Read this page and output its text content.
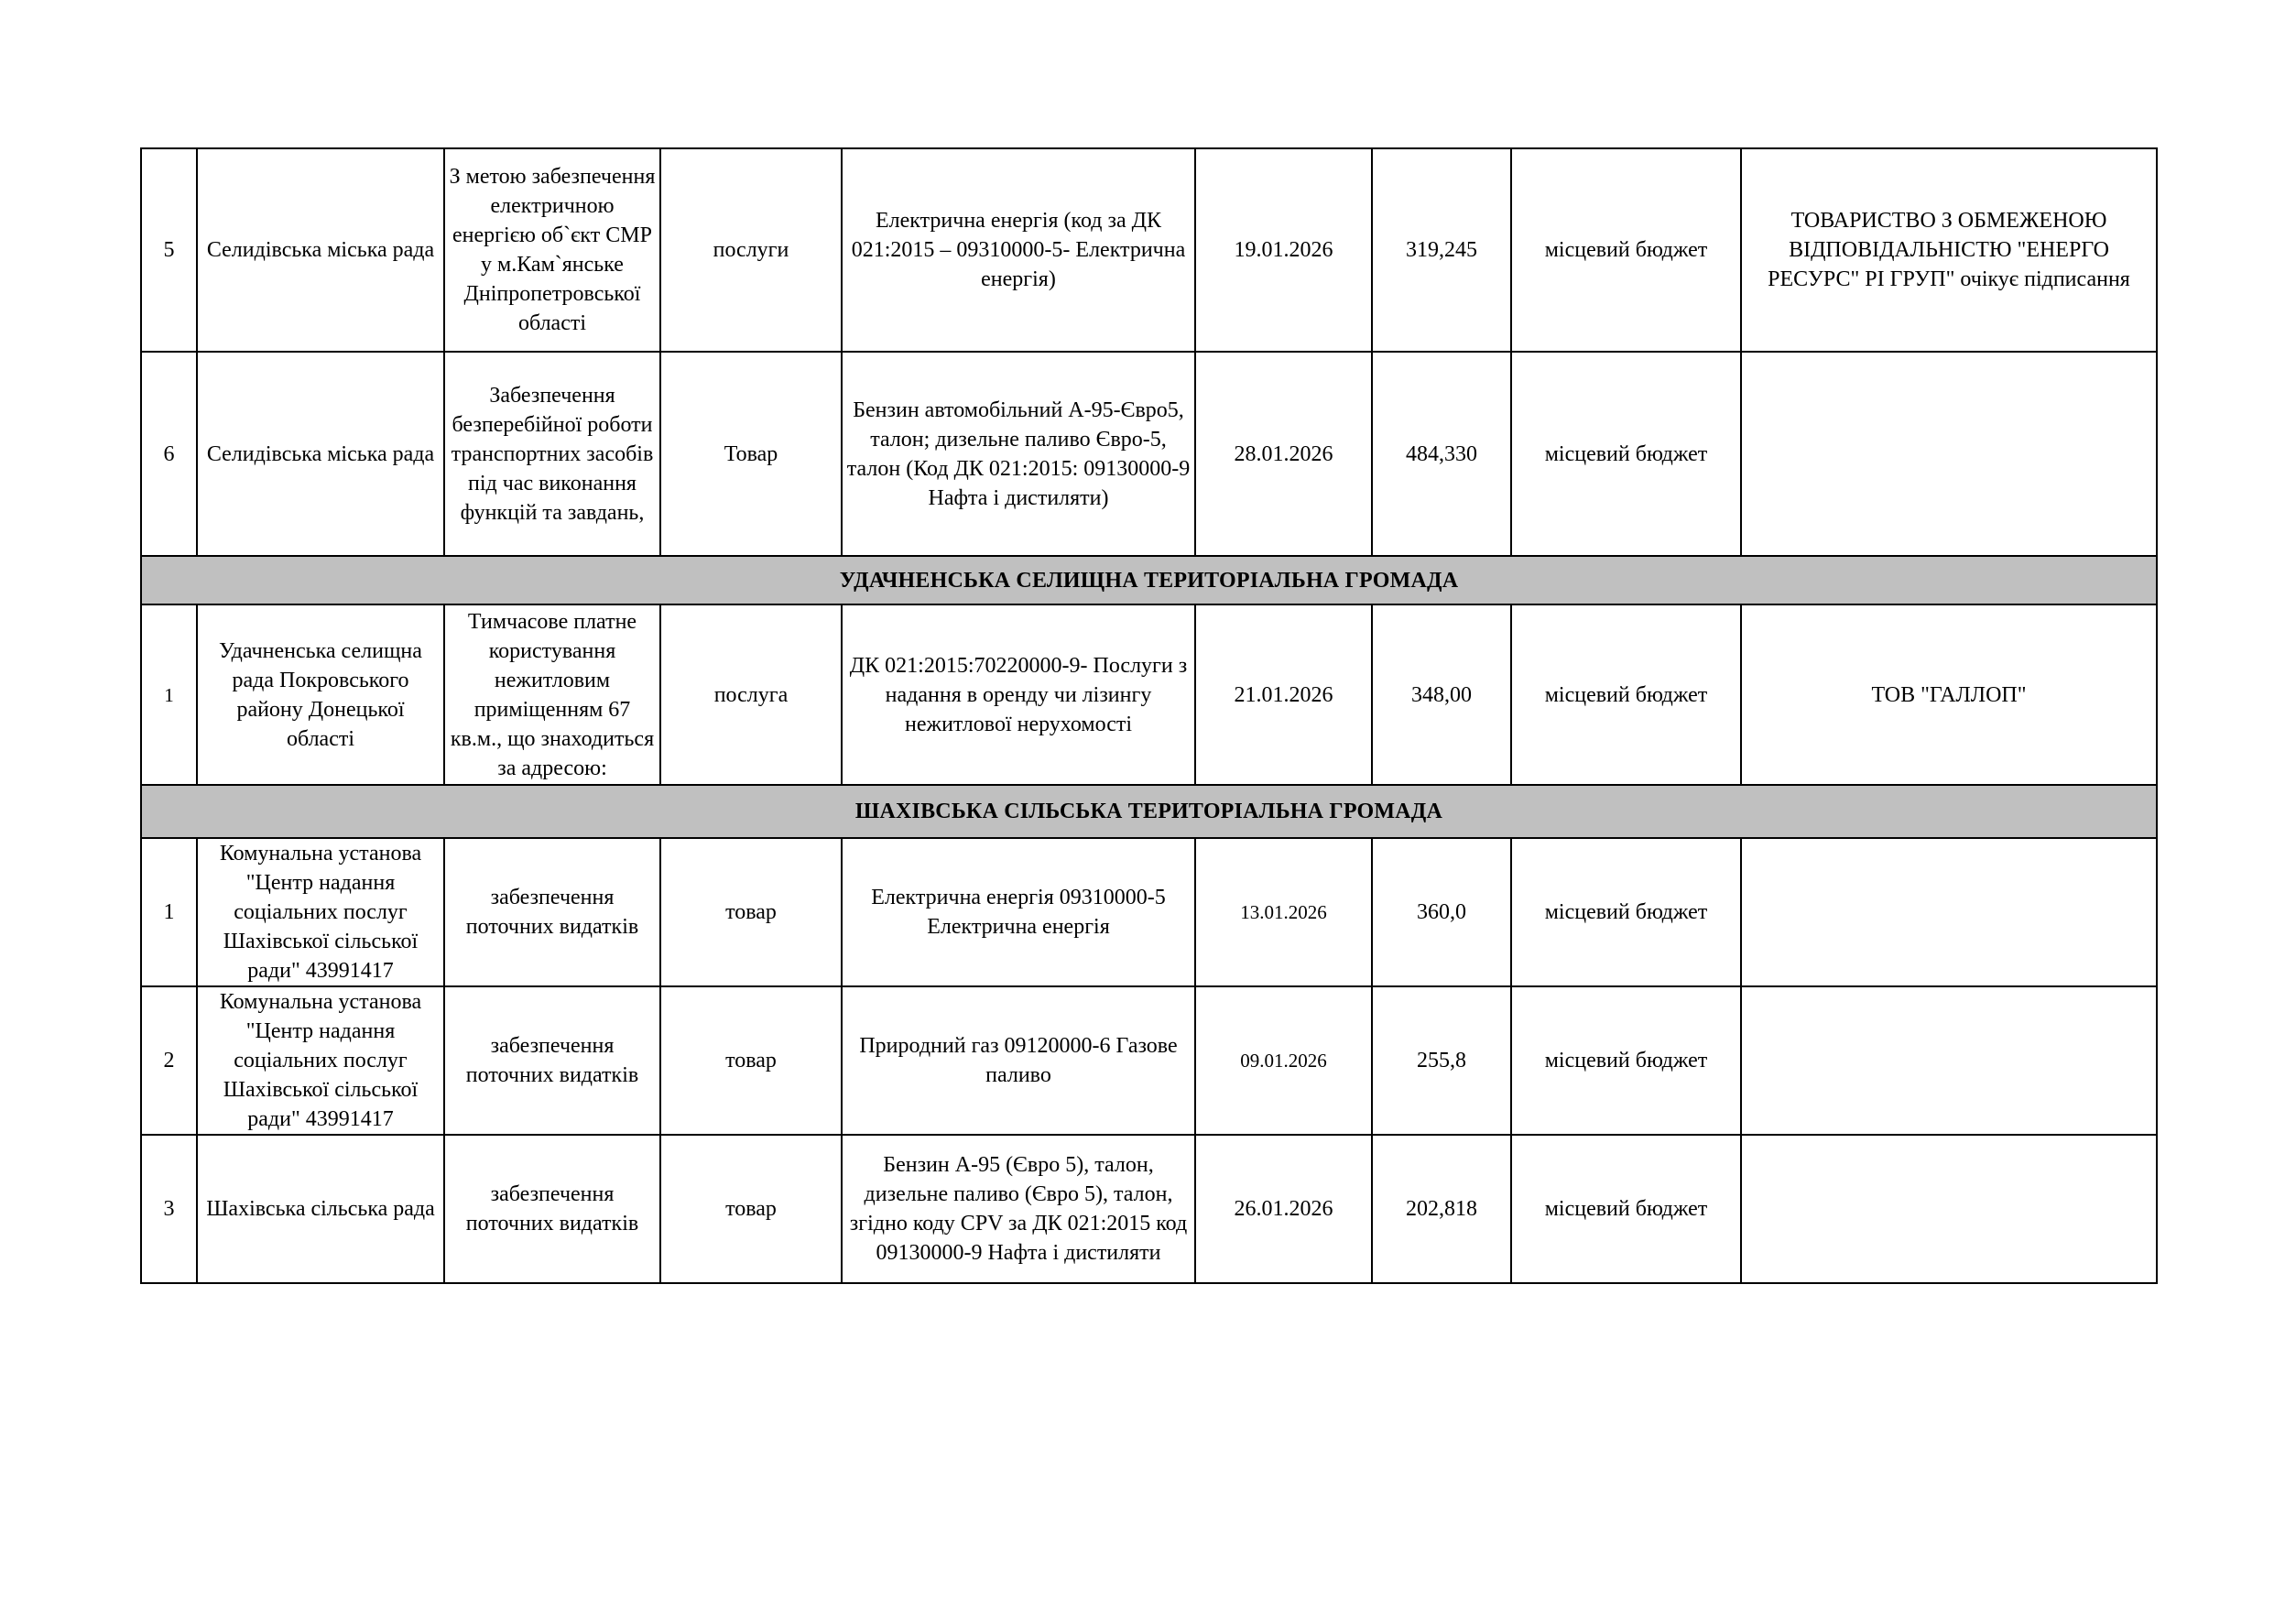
5	Селидівська міська рада	З метою забезпечення електричною енергією об`єкт СМР у м.Кам`янське Дніпропетровської області	послуги	Електрична енергія (код за ДК 021:2015 – 09310000-5- Електрична енергія)	19.01.2026	319,245	місцевий бюджет	ТОВАРИСТВО З ОБМЕЖЕНОЮ ВІДПОВІДАЛЬНІСТЮ "ЕНЕРГО РЕСУРС" РІ ГРУП" очікує підписання
6	Селидівська міська рада	Забезпечення безперебійної роботи транспортних засобів під час виконання функцій та завдань,	Товар	Бензин автомобільний А-95-Євро5, талон; дизельне паливо Євро-5, талон (Код ДК 021:2015: 09130000-9 Нафта і дистиляти)	28.01.2026	484,330	місцевий бюджет	
УДАЧНЕНСЬКА СЕЛИЩНА ТЕРИТОРІАЛЬНА ГРОМАДА								
1	Удачненська селищна рада Покровського району Донецької області	Тимчасове платне користування нежитловим приміщенням 67 кв.м., що знаходиться за адресою:	послуга	ДК 021:2015:70220000-9- Послуги з надання в оренду чи лізингу нежитлової нерухомості	21.01.2026	348,00	місцевий бюджет	ТОВ "ГАЛЛОП"
ШАХІВСЬКА СІЛЬСЬКА ТЕРИТОРІАЛЬНА ГРОМАДА								
1	Комунальна установа "Центр надання соціальних послуг Шахівської сільської ради" 43991417	забезпечення поточних видатків	товар	Електрична енергія 09310000-5 Електрична енергія	13.01.2026	360,0	місцевий бюджет	
2	Комунальна установа "Центр надання соціальних послуг Шахівської сільської ради" 43991417	забезпечення поточних видатків	товар	Природний газ 09120000-6 Газове паливо	09.01.2026	255,8	місцевий бюджет	
3	Шахівська сільська рада	забезпечення поточних видатків	товар	Бензин А-95 (Євро 5), талон, дизельне паливо (Євро 5), талон, згідно коду CPV за ДК 021:2015 код 09130000-9 Нафта і дистиляти	26.01.2026	202,818	місцевий бюджет	
